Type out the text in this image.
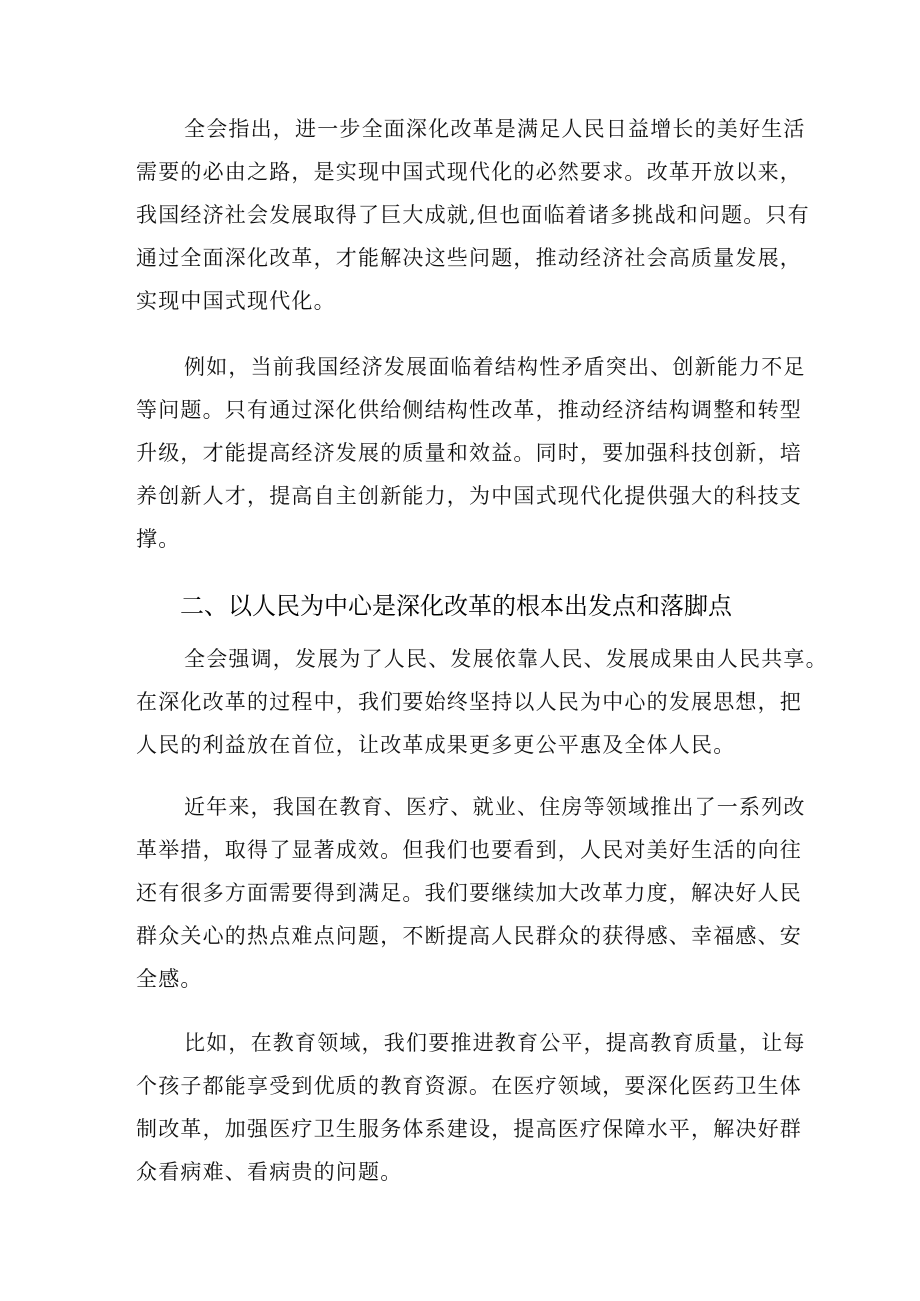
全会指出，进一步全面深化改革是满足人民日益增长的美好生活
需要的必由之路，是实现中国式现代化的必然要求。改革开放以来，
我国经济社会发展取得了巨大成就,但也面临着诸多挑战和问题。只有
通过全面深化改革，才能解决这些问题，推动经济社会高质量发展，
实现中国式现代化。
例如，当前我国经济发展面临着结构性矛盾突出、创新能力不足
等问题。只有通过深化供给侧结构性改革，推动经济结构调整和转型
升级，才能提高经济发展的质量和效益。同时，要加强科技创新，培
养创新人才，提高自主创新能力，为中国式现代化提供强大的科技支
撑。
二、以人民为中心是深化改革的根本出发点和落脚点
全会强调，发展为了人民、发展依靠人民、发展成果由人民共享。
在深化改革的过程中，我们要始终坚持以人民为中心的发展思想，把
人民的利益放在首位，让改革成果更多更公平惠及全体人民。
近年来，我国在教育、医疗、就业、住房等领域推出了一系列改
革举措，取得了显著成效。但我们也要看到，人民对美好生活的向往
还有很多方面需要得到满足。我们要继续加大改革力度，解决好人民
群众关心的热点难点问题，不断提高人民群众的获得感、幸福感、安
全感。
比如，在教育领域，我们要推进教育公平，提高教育质量，让每
个孩子都能享受到优质的教育资源。在医疗领域，要深化医药卫生体
制改革，加强医疗卫生服务体系建设，提高医疗保障水平，解决好群
众看病难、看病贵的问题。
